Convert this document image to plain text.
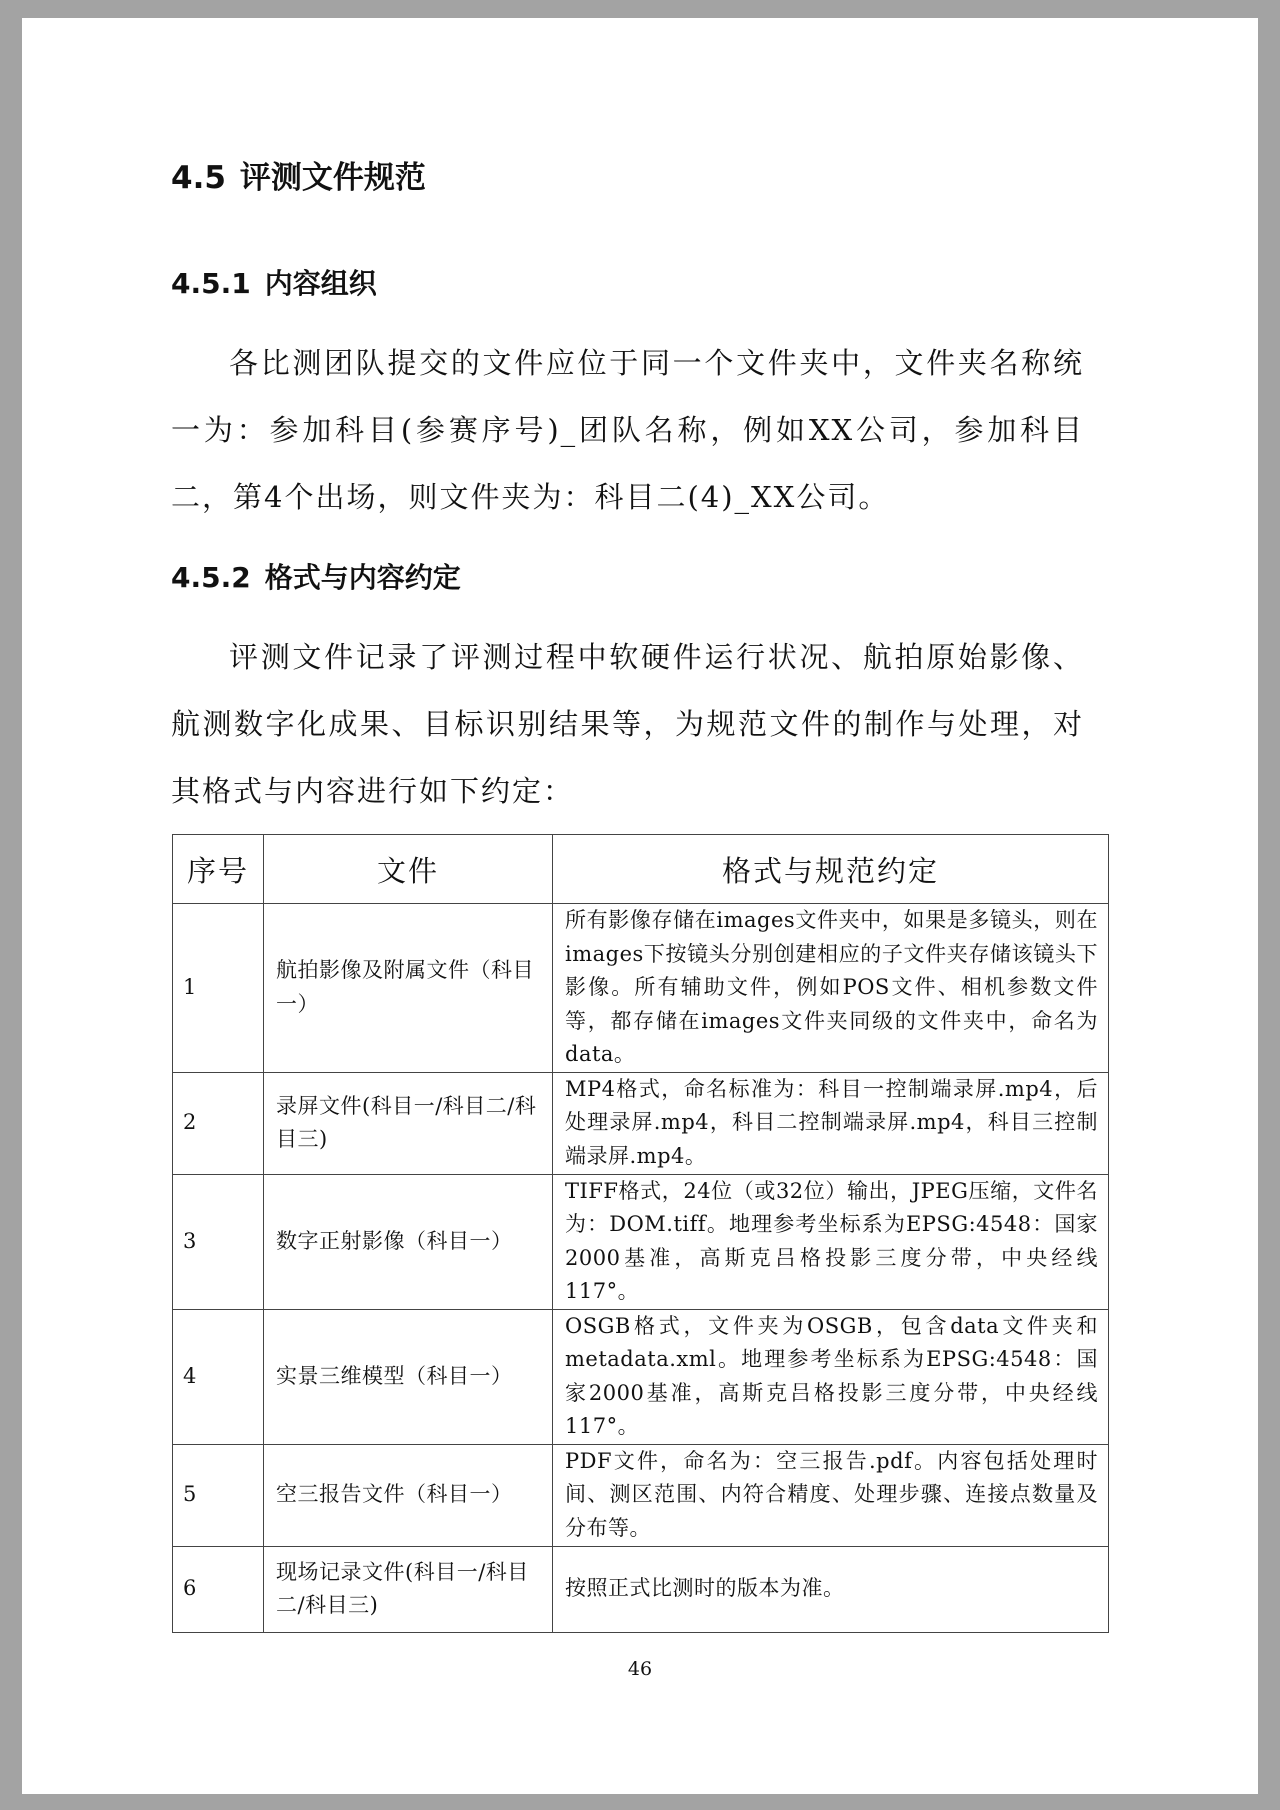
4.5 评测文件规范
4.5.1 内容组织

各比测团队提交的文件应位于同一个文件夹中，文件夹名称统一为：参加科目(参赛序号)_团队名称，例如XX公司，参加科目二，第4个出场，则文件夹为：科目二(4)_XX公司。

4.5.2 格式与内容约定

评测文件记录了评测过程中软硬件运行状况、航拍原始影像、航测数字化成果、目标识别结果等，为规范文件的制作与处理，对其格式与内容进行如下约定：

序号	文件	格式与规范约定
1	航拍影像及附属文件（科目一）	所有影像存储在images文件夹中，如果是多镜头，则在images下按镜头分别创建相应的子文件夹存储该镜头下影像。所有辅助文件，例如POS文件、相机参数文件等，都存储在images文件夹同级的文件夹中，命名为data。
2	录屏文件(科目一/科目二/科目三)	MP4格式，命名标准为：科目一控制端录屏.mp4，后处理录屏.mp4，科目二控制端录屏.mp4，科目三控制端录屏.mp4。
3	数字正射影像（科目一）	TIFF格式，24位（或32位）输出，JPEG压缩，文件名为：DOM.tiff。地理参考坐标系为EPSG:4548：国家2000基准，高斯克吕格投影三度分带，中央经线117°。
4	实景三维模型（科目一）	OSGB格式，文件夹为OSGB，包含data文件夹和metadata.xml。地理参考坐标系为EPSG:4548：国家2000基准，高斯克吕格投影三度分带，中央经线117°。
5	空三报告文件（科目一）	PDF文件，命名为：空三报告.pdf。内容包括处理时间、测区范围、内符合精度、处理步骤、连接点数量及分布等。
6	现场记录文件(科目一/科目二/科目三)	按照正式比测时的版本为准。

46
